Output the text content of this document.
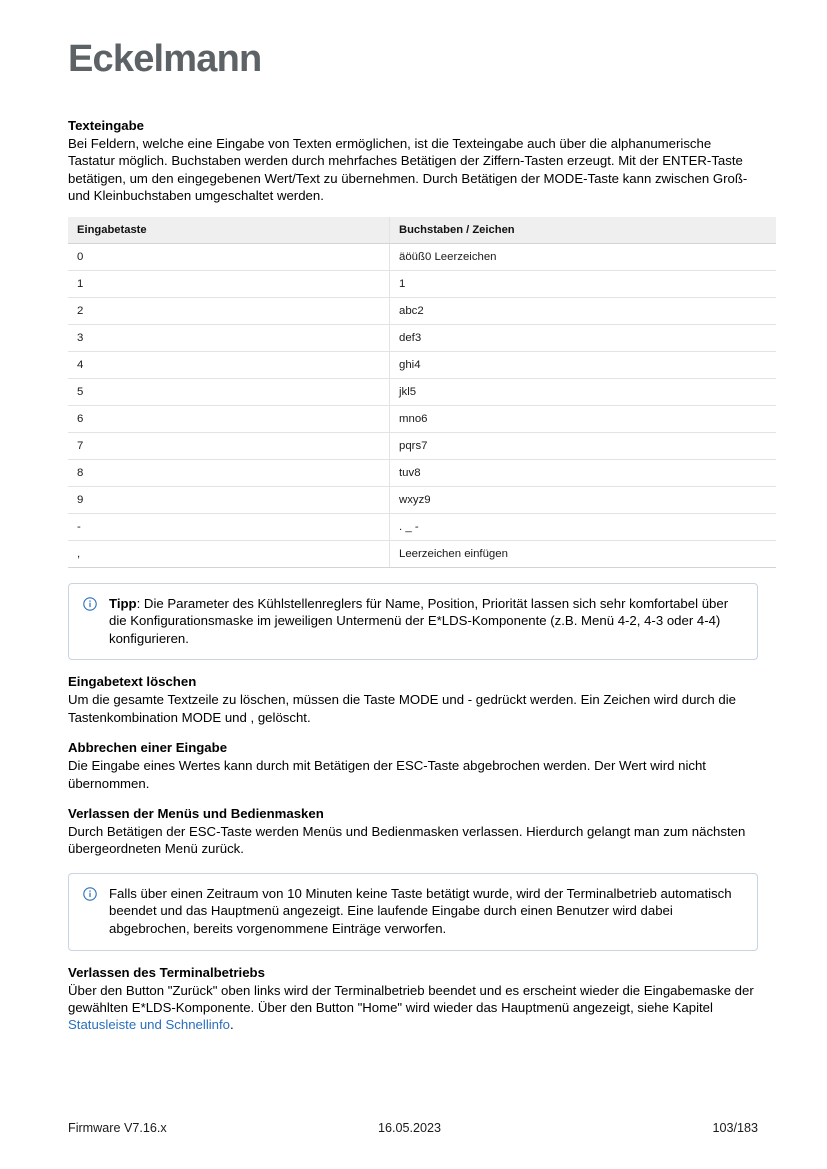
Eckelmann
Texteingabe

Bei Feldern, welche eine Eingabe von Texten ermöglichen, ist die Texteingabe auch über die alphanumerische Tastatur möglich. Buchstaben werden durch mehrfaches Betätigen der Ziffern-Tasten erzeugt. Mit der ENTER-Taste betätigen, um den eingegebenen Wert/Text zu übernehmen. Durch Betätigen der MODE-Taste kann zwischen Groß- und Kleinbuchstaben umgeschaltet werden.

Eingabetaste	Buchstaben / Zeichen
0	äöüß0 Leerzeichen
1	1
2	abc2
3	def3
4	ghi4
5	jkl5
6	mno6
7	pqrs7
8	tuv8
9	wxyz9
-	. _ -
,	Leerzeichen einfügen

Tipp: Die Parameter des Kühlstellenreglers für Name, Position, Priorität lassen sich sehr komfortabel über die Konfigurationsmaske im jeweiligen Untermenü der E*LDS-Komponente (z.B. Menü 4-2, 4-3 oder 4-4) konfigurieren.

Eingabetext löschen

Um die gesamte Textzeile zu löschen, müssen die Taste MODE und - gedrückt werden. Ein Zeichen wird durch die Tastenkombination MODE und , gelöscht.

Abbrechen einer Eingabe

Die Eingabe eines Wertes kann durch mit Betätigen der ESC-Taste abgebrochen werden. Der Wert wird nicht übernommen.

Verlassen der Menüs und Bedienmasken

Durch Betätigen der ESC-Taste werden Menüs und Bedienmasken verlassen. Hierdurch gelangt man zum nächsten übergeordneten Menü zurück.

Falls über einen Zeitraum von 10 Minuten keine Taste betätigt wurde, wird der Terminalbetrieb automatisch beendet und das Hauptmenü angezeigt. Eine laufende Eingabe durch einen Benutzer wird dabei abgebrochen, bereits vorgenommene Einträge verworfen.

Verlassen des Terminalbetriebs

Über den Button "Zurück" oben links wird der Terminalbetrieb beendet und es erscheint wieder die Eingabemaske der gewählten E*LDS-Komponente. Über den Button "Home" wird wieder das Hauptmenü angezeigt, siehe Kapitel Statusleiste und Schnellinfo.

Firmware V7.16.x	16.05.2023	103/183
